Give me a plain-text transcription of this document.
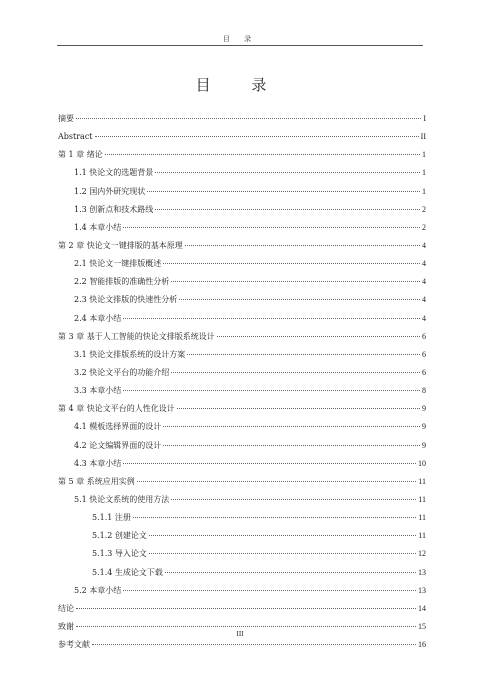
目 录
目 录
摘要	I
Abstract	II
第 1 章 绪论	1
1.1 快论文的选题背景	1
1.2 国内外研究现状	1
1.3 创新点和技术路线	2
1.4 本章小结	2
第 2 章 快论文一键排版的基本原理	4
2.1 快论文一键排版概述	4
2.2 智能排版的准确性分析	4
2.3 快论文排版的快速性分析	4
2.4 本章小结	4
第 3 章 基于人工智能的快论文排版系统设计	6
3.1 快论文排版系统的设计方案	6
3.2 快论文平台的功能介绍	6
3.3 本章小结	8
第 4 章 快论文平台的人性化设计	9
4.1 模板选择界面的设计	9
4.2 论文编辑界面的设计	9
4.3 本章小结	10
第 5 章 系统应用实例	11
5.1 快论文系统的使用方法	11
5.1.1 注册	11
5.1.2 创建论文	11
5.1.3 导入论文	12
5.1.4 生成论文下载	13
5.2 本章小结	13
结论	14
致谢	15
参考文献	16
III
